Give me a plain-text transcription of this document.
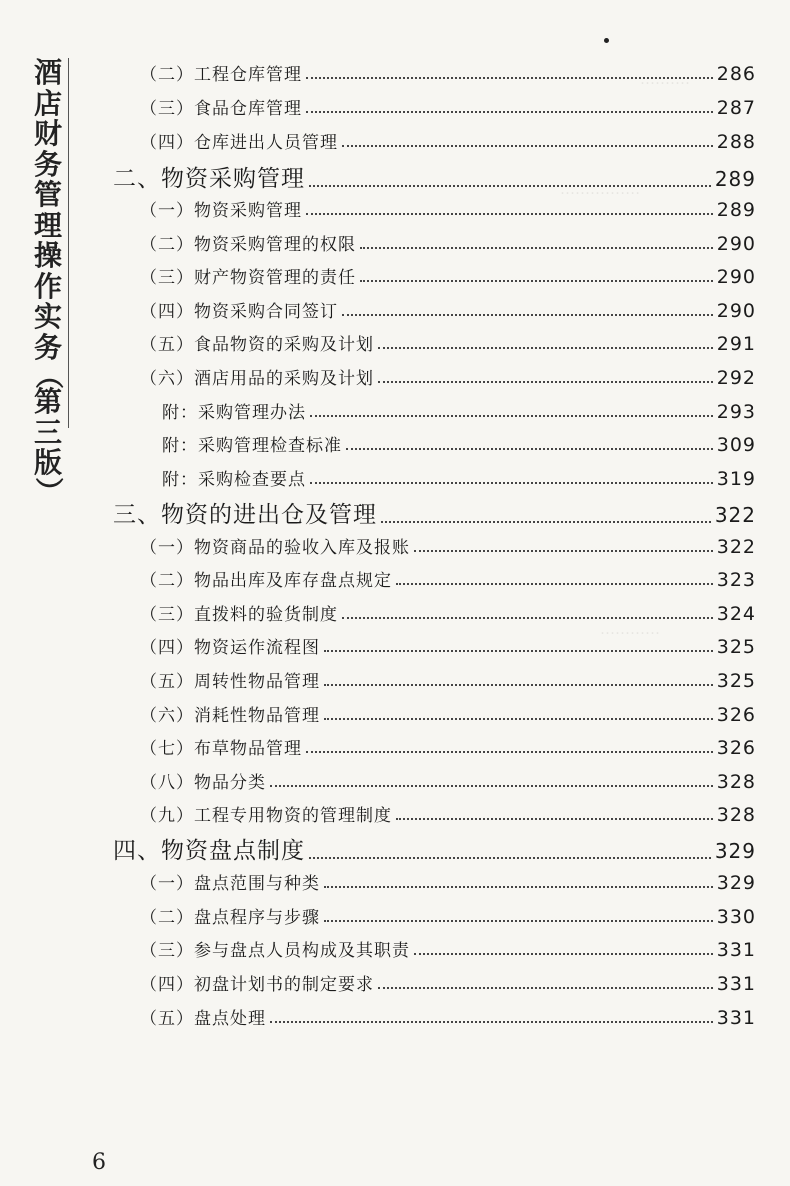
酒
店
财
务
管
理
操
作
实
务
（
第
三
版
）
‥‥‥‥‥
‥‥‥‥‥‥‥‥
‥‥‥‥‥‥
（二）工程仓库管理	286
（三）食品仓库管理	287
（四）仓库进出人员管理	288
二、物资采购管理	289
（一）物资采购管理	289
（二）物资采购管理的权限	290
（三）财产物资管理的责任	290
（四）物资采购合同签订	290
（五）食品物资的采购及计划	291
（六）酒店用品的采购及计划	292
附：采购管理办法	293
附：采购管理检查标准	309
附：采购检查要点	319
三、物资的进出仓及管理	322
（一）物资商品的验收入库及报账	322
（二）物品出库及库存盘点规定	323
（三）直拨料的验货制度	324
（四）物资运作流程图	325
（五）周转性物品管理	325
（六）消耗性物品管理	326
（七）布草物品管理	326
（八）物品分类	328
（九）工程专用物资的管理制度	328
四、物资盘点制度	329
（一）盘点范围与种类	329
（二）盘点程序与步骤	330
（三）参与盘点人员构成及其职责	331
（四）初盘计划书的制定要求	331
（五）盘点处理	331
6
